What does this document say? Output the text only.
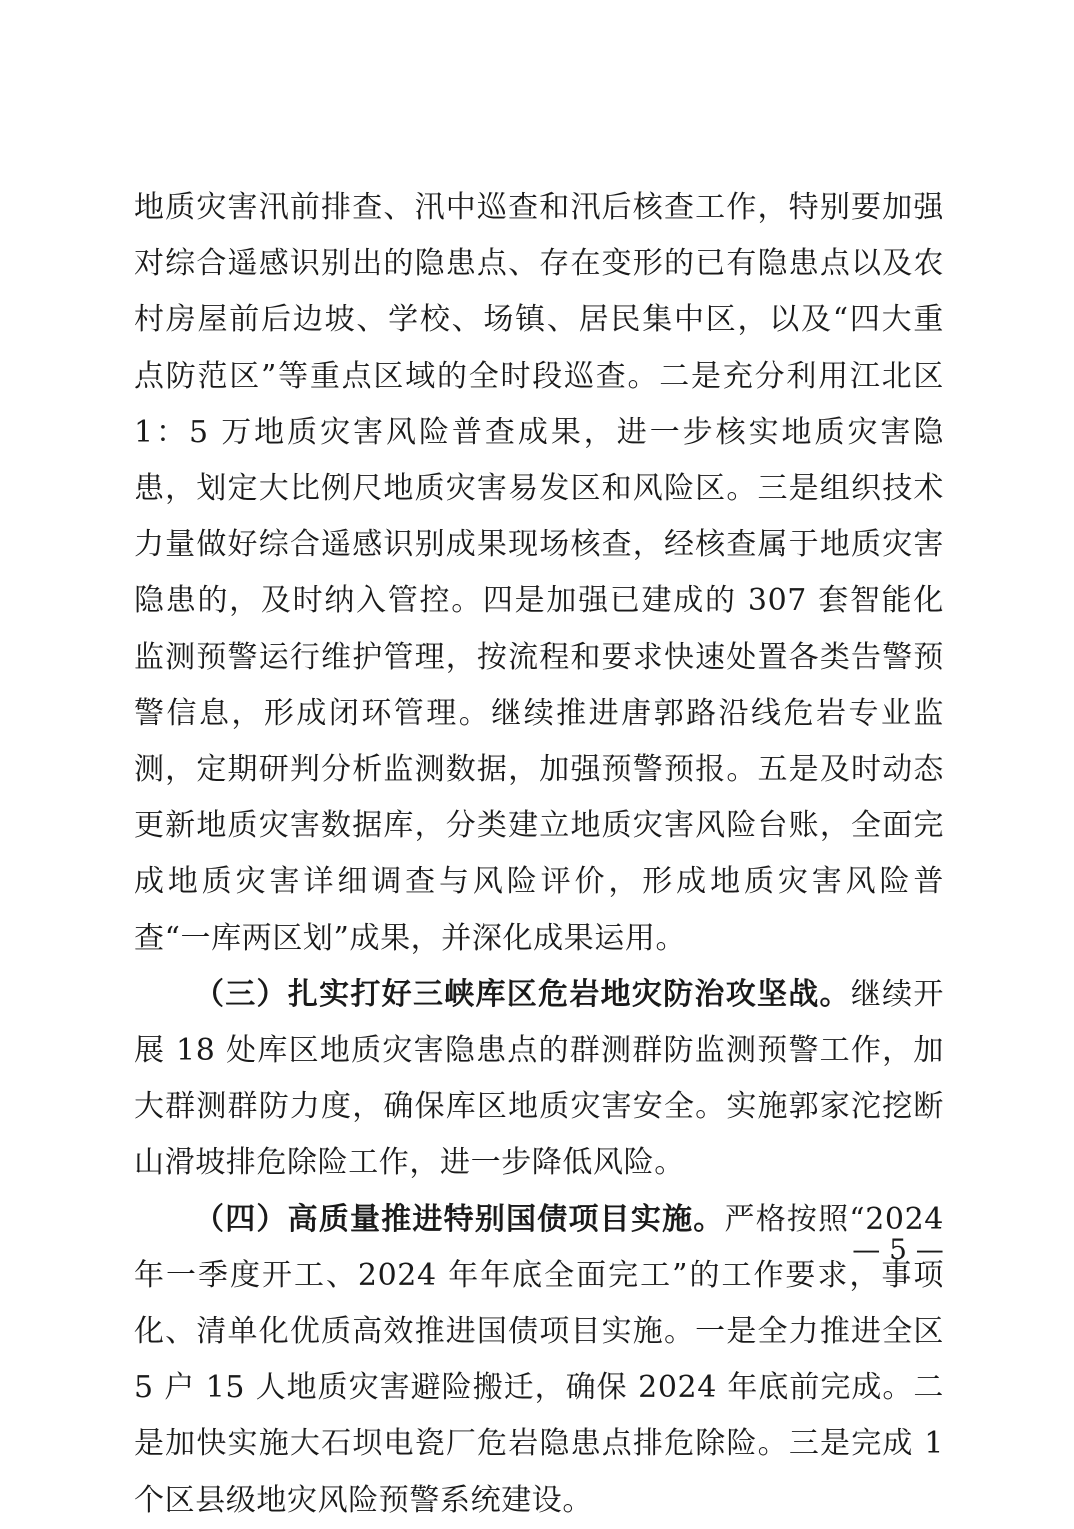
地质灾害汛前排查、汛中巡查和汛后核查工作，特别要加强对综合遥感识别出的隐患点、存在变形的已有隐患点以及农村房屋前后边坡、学校、场镇、居民集中区，以及“四大重点防范区”等重点区域的全时段巡查。二是充分利用江北区 1：5 万地质灾害风险普查成果，进一步核实地质灾害隐患，划定大比例尺地质灾害易发区和风险区。三是组织技术力量做好综合遥感识别成果现场核查，经核查属于地质灾害隐患的，及时纳入管控。四是加强已建成的 307 套智能化监测预警运行维护管理，按流程和要求快速处置各类告警预警信息，形成闭环管理。继续推进唐郭路沿线危岩专业监测，定期研判分析监测数据，加强预警预报。五是及时动态更新地质灾害数据库，分类建立地质灾害风险台账，全面完成地质灾害详细调查与风险评价，形成地质灾害风险普查“一库两区划”成果，并深化成果运用。

（三）扎实打好三峡库区危岩地灾防治攻坚战。继续开展 18 处库区地质灾害隐患点的群测群防监测预警工作，加大群测群防力度，确保库区地质灾害安全。实施郭家沱挖断山滑坡排危除险工作，进一步降低风险。

（四）高质量推进特别国债项目实施。严格按照“2024 年一季度开工、2024 年年底全面完工”的工作要求，事项化、清单化优质高效推进国债项目实施。一是全力推进全区 5 户 15 人地质灾害避险搬迁，确保 2024 年底前完成。二是加快实施大石坝电瓷厂危岩隐患点排危除险。三是完成 1 个区县级地灾风险预警系统建设。

— 5 —
